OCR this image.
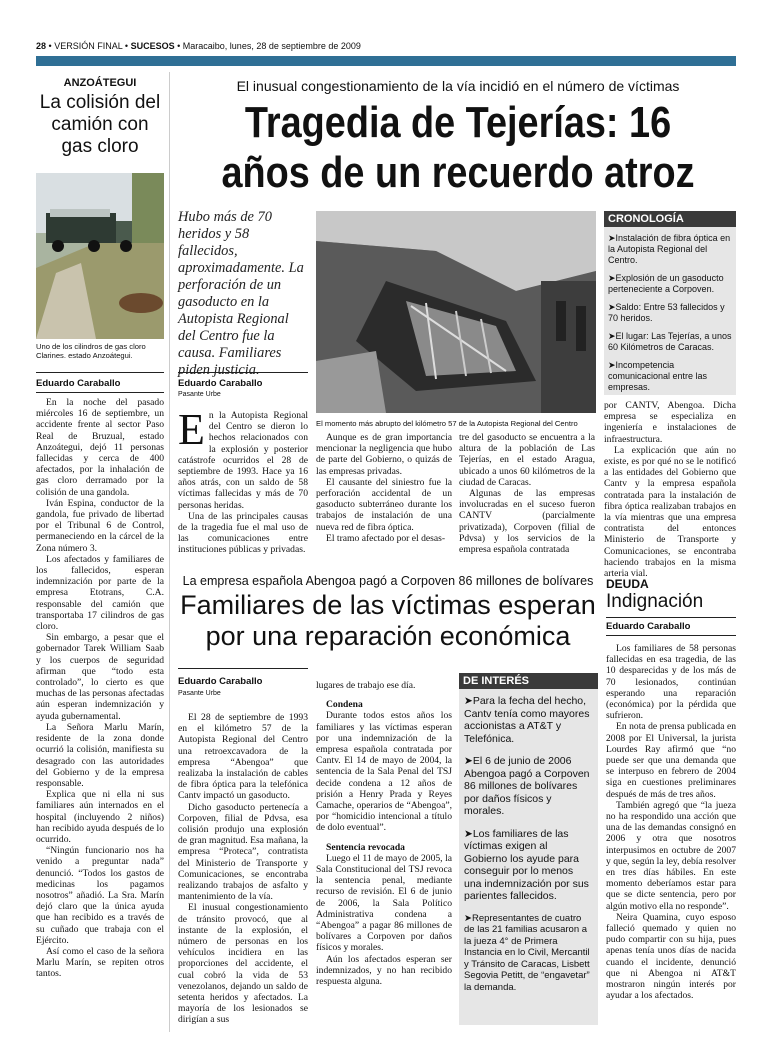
28 • VERSIÓN FINAL • SUCESOS • Maracaibo, lunes, 28 de septiembre de 2009
ANZOÁTEGUI
La colisión del camión con gas cloro
Uno de los cilindros de gas cloro Clarines. estado Anzoátegui.
Eduardo Caraballo

En la noche del pasado miércoles 16 de septiembre, un accidente frente al sector Paso Real de Bruzual, estado Anzoátegui, dejó 11 personas fallecidas y cerca de 400 afectados, por la inhalación de gas cloro derramado por la colisión de una gandola.

Iván Espina, conductor de la gandola, fue privado de libertad por el Tribunal 6 de Control, permaneciendo en la cárcel de la Zona número 3.

Los afectados y familiares de los fallecidos, esperan indemnización por parte de la empresa Etotrans, C.A. responsable del camión que transportaba 17 cilindros de gas cloro.

Sin embargo, a pesar que el gobernador Tarek William Saab y los cuerpos de seguridad afirman que “todo esta controlado”, lo cierto es que muchas de las personas afectadas aún esperan indemnización y ayuda gubernamental.

La Señora Marlu Marín, residente de la zona donde ocurrió la colisión, manifiesta su desagrado con las autoridades del Gobierno y de la empresa responsable.

Explica que ni ella ni sus familiares aún internados en el hospital (incluyendo 2 niños) han recibido ayuda después de lo ocurrido.

“Ningún funcionario nos ha venido a preguntar nada” denunció. “Todos los gastos de medicinas los pagamos nosotros” añadió. La Sra. Marín dejó claro que la única ayuda que han recibido es a través de su cuñado que trabaja con el Ejército.

Así como el caso de la señora Marlu Marín, se repiten otros tantos.

El inusual congestionamiento de la vía incidió en el número de víctimas
Tragedia de Tejerías: 16
años de un recuerdo atroz
Hubo más de 70 heridos y 58 fallecidos, aproximadamente. La perforación de un gasoducto en la Autopista Regional del Centro fue la causa. Familiares piden justicia.
Eduardo Caraballo
Pasante Urbe
El momento más abrupto del kilómetro 57 de la Autopista Regional del Centro
E n la Autopista Regional del Centro se dieron lo hechos relacionados con la explosión y posterior catástrofe ocurridos el 28 de septiembre de 1993. Hace ya 16 años atrás, con un saldo de 58 víctimas fallecidas y más de 70 personas heridas.

Una de las principales causas de la tragedia fue el mal uso de las comunicaciones entre instituciones públicas y privadas.

Aunque es de gran importancia mencionar la negligencia que hubo de parte del Gobierno, o quizás de las empresas privadas.

El causante del siniestro fue la perforación accidental de un gasoducto subterráneo durante los trabajos de instalación de una nueva red de fibra óptica.

El tramo afectado por el desas-

tre del gasoducto se encuentra a la altura de la población de Las Tejerías, en el estado Aragua, ubicado a unos 60 kilómetros de la ciudad de Caracas.

Algunas de las empresas involucradas en el suceso fueron CANTV (parcialmente privatizada), Corpoven (filial de Pdvsa) y los servicios de la empresa española contratada

CRONOLOGÍA

➤Instalación de fibra óptica en la Autopista Regional del Centro.

➤Explosión de un gasoducto perteneciente a Corpoven.

➤Saldo: Entre 53 fallecidos y 70 heridos.

➤El lugar: Las Tejerías, a unos 60 Kilómetros de Caracas.

➤Incompetencia comunicacional entre las empresas.

por CANTV, Abengoa. Dicha empresa se especializa en ingeniería e instalaciones de infraestructura.

La explicación que aún no existe, es por qué no se le notificó a las entidades del Gobierno que Cantv y la empresa española contratada para la instalación de fibra óptica realizaban trabajos en la vía mientras que una empresa contratista del entonces Ministerio de Transporte y Comunicaciones, se encontraba haciendo trabajos en la misma arteria vial.

La empresa española Abengoa pagó a Corpoven 86 millones de bolívares
Familiares de las víctimas esperan
por una reparación económica
Eduardo Caraballo
Pasante Urbe

El 28 de septiembre de 1993 en el kilómetro 57 de la Autopista Regional del Centro una retroexcavadora de la empresa “Abengoa” que realizaba la instalación de cables de fibra óptica para la telefónica Cantv impactó un gasoducto.

Dicho gasoducto pertenecía a Corpoven, filial de Pdvsa, esa colisión produjo una explosión de gran magnitud. Esa mañana, la empresa “Proteca”, contratista del Ministerio de Transporte y Comunicaciones, se encontraba realizando trabajos de asfalto y mantenimiento de la vía.

El inusual congestionamiento de tránsito provocó, que al instante de la explosión, el número de personas en los vehículos incidiera en las proporciones del accidente, el cual cobró la vida de 53 venezolanos, dejando un saldo de setenta heridos y afectados. La mayoría de los lesionados se dirigían a sus

lugares de trabajo ese día.

Condena

Durante todos estos años los familiares y las víctimas esperan por una indemnización de la empresa española contratada por Cantv. El 14 de mayo de 2004, la sentencia de la Sala Penal del TSJ decide condena a 12 años de prisión a Henry Prada y Reyes Camache, operarios de “Abengoa”, por “homicidio intencional a título de dolo eventual”.

Sentencia revocada

Luego el 11 de mayo de 2005, la Sala Constitucional del TSJ revoca la sentencia penal, mediante recurso de revisión. El 6 de junio de 2006, la Sala Político Administrativa condena a “Abengoa” a pagar 86 millones de bolívares a Corpoven por daños físicos y morales.

Aún los afectados esperan ser indemnizados, y no han recibido respuesta alguna.

DE INTERÉS

➤Para la fecha del hecho, Cantv tenía como mayores accionistas a AT&T y Telefónica.

➤El 6 de junio de 2006 Abengoa pagó a Corpoven 86 millones de bolívares por daños físicos y morales.

➤Los familiares de las víctimas exigen al Gobierno los ayude para conseguir por lo menos una indemnización por sus parientes fallecidos.

➤Representantes de cuatro de las 21 familias acusaron a la jueza 4° de Primera Instancia en lo Civil, Mercantil y Tránsito de Caracas, Lisbett Segovia Petitt, de “engavetar” la demanda.

DEUDA
Indignación
Eduardo Caraballo

Los familiares de 58 personas fallecidas en esa tragedia, de las 10 desparecidas y de los más de 70 lesionados, continúan esperando una reparación (económica) por la pérdida que sufrieron.

En nota de prensa publicada en 2008 por El Universal, la jurista Lourdes Ray afirmó que “no puede ser que una demanda que se interpuso en febrero de 2004 siga en cuestiones preliminares después de más de tres años.

También agregó que “la jueza no ha respondido una acción que una de las demandas consignó en 2006 y otra que nosotros interpusimos en octubre de 2007 y que, según la ley, debía resolver en tres días hábiles. En este momento deberíamos estar para que se dicte sentencia, pero por algún motivo ella no responde”.

Neira Quamina, cuyo esposo falleció quemado y quien no pudo compartir con su hija, pues apenas tenía unos días de nacida cuando el incidente, denunció que ni Abengoa ni AT&T mostraron ningún interés por ayudar a los afectados.
